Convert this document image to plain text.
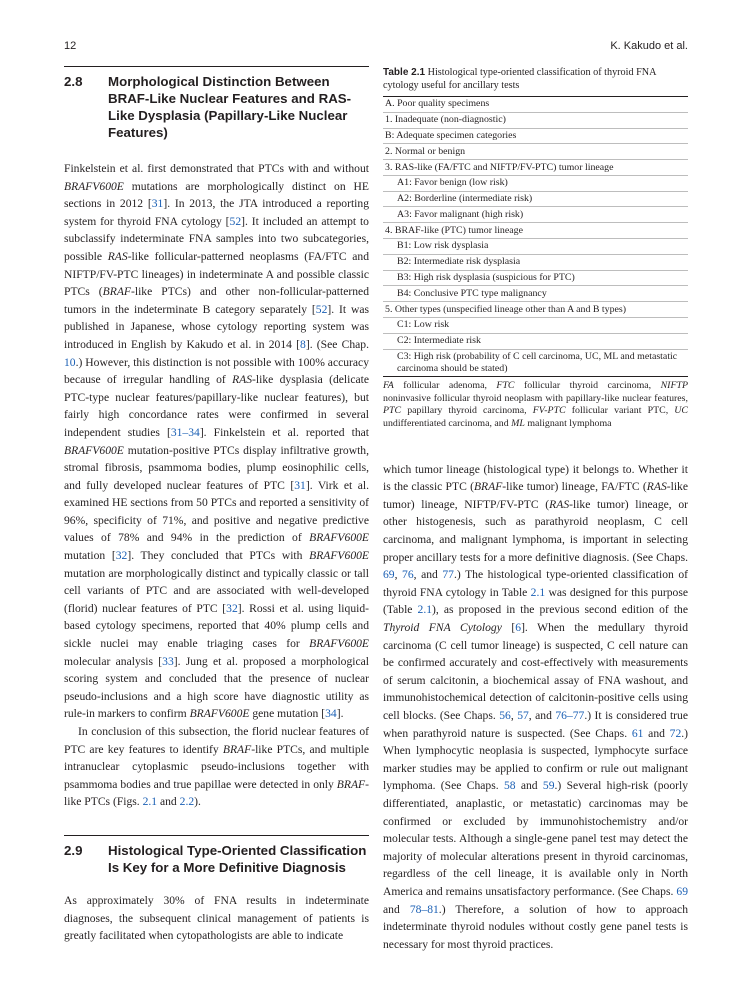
12	K. Kakudo et al.
2.8	Morphological Distinction Between BRAF-Like Nuclear Features and RAS-Like Dysplasia (Papillary-Like Nuclear Features)

Finkelstein et al. first demonstrated that PTCs with and without BRAFV600E mutations are morphologically distinct on HE sections in 2012 [31]. In 2013, the JTA introduced a reporting system for thyroid FNA cytology [52]. It included an attempt to subclassify indeterminate FNA samples into two subcategories, possible RAS-like follicular-patterned neoplasms (FA/FTC and NIFTP/FV-PTC lineages) in indeterminate A and possible classic PTCs (BRAF-like PTCs) and other non-follicular-patterned tumors in the indeterminate B category separately [52]. It was published in Japanese, whose cytology reporting system was introduced in English by Kakudo et al. in 2014 [8]. (See Chap. 10.) However, this distinction is not possible with 100% accuracy because of irregular handling of RAS-like dysplasia (delicate PTC-type nuclear features/papillary-like nuclear features), but fairly high concordance rates were confirmed in several independent studies [31–34]. Finkelstein et al. reported that BRAFV600E mutation-positive PTCs display infiltrative growth, stromal fibrosis, psammoma bodies, plump eosinophilic cells, and fully developed nuclear features of PTC [31]. Virk et al. examined HE sections from 50 PTCs and reported a sensitivity of 96%, specificity of 71%, and positive and negative predictive values of 78% and 94% in the prediction of BRAFV600E mutation [32]. They concluded that PTCs with BRAFV600E mutation are morphologically distinct and typically classic or tall cell variants of PTC and are associated with well-developed (florid) nuclear features of PTC [32]. Rossi et al. using liquid-based cytology specimens, reported that 40% plump cells and sickle nuclei may enable triaging cases for BRAFV600E molecular analysis [33]. Jung et al. proposed a morphological scoring system and concluded that the presence of nuclear pseudo-inclusions and a high score have diagnostic utility as rule-in markers to confirm BRAFV600E gene mutation [34].

In conclusion of this subsection, the florid nuclear features of PTC are key features to identify BRAF-like PTCs, and multiple intranuclear cytoplasmic pseudo-inclusions together with psammoma bodies and true papillae were detected in only BRAF-like PTCs (Figs. 2.1 and 2.2).

2.9	Histological Type-Oriented Classification Is Key for a More Definitive Diagnosis

As approximately 30% of FNA results in indeterminate diagnoses, the subsequent clinical management of patients is greatly facilitated when cytopathologists are able to indicate

Table 2.1 Histological type-oriented classification of thyroid FNA cytology useful for ancillary tests
A. Poor quality specimens
1. Inadequate (non-diagnostic)
B: Adequate specimen categories
2. Normal or benign
3. RAS-like (FA/FTC and NIFTP/FV-PTC) tumor lineage
A1: Favor benign (low risk)
A2: Borderline (intermediate risk)
A3: Favor malignant (high risk)
4. BRAF-like (PTC) tumor lineage
B1: Low risk dysplasia
B2: Intermediate risk dysplasia
B3: High risk dysplasia (suspicious for PTC)
B4: Conclusive PTC type malignancy
5. Other types (unspecified lineage other than A and B types)
C1: Low risk
C2: Intermediate risk
C3: High risk (probability of C cell carcinoma, UC, ML and metastatic carcinoma should be stated)
FA follicular adenoma, FTC follicular thyroid carcinoma, NIFTP noninvasive follicular thyroid neoplasm with papillary-like nuclear features, PTC papillary thyroid carcinoma, FV-PTC follicular variant PTC, UC undifferentiated carcinoma, and ML malignant lymphoma

which tumor lineage (histological type) it belongs to. Whether it is the classic PTC (BRAF-like tumor) lineage, FA/FTC (RAS-like tumor) lineage, NIFTP/FV-PTC (RAS-like tumor) lineage, or other histogenesis, such as parathyroid neoplasm, C cell carcinoma, and malignant lymphoma, is important in selecting proper ancillary tests for a more definitive diagnosis. (See Chaps. 69, 76, and 77.) The histological type-oriented classification of thyroid FNA cytology in Table 2.1 was designed for this purpose (Table 2.1), as proposed in the previous second edition of the Thyroid FNA Cytology [6]. When the medullary thyroid carcinoma (C cell tumor lineage) is suspected, C cell nature can be confirmed accurately and cost-effectively with measurements of serum calcitonin, a biochemical assay of FNA washout, and immunohistochemical detection of calcitonin-positive cells using cell blocks. (See Chaps. 56, 57, and 76–77.) It is considered true when parathyroid nature is suspected. (See Chaps. 61 and 72.) When lymphocytic neoplasia is suspected, lymphocyte surface marker studies may be applied to confirm or rule out malignant lymphoma. (See Chaps. 58 and 59.) Several high-risk (poorly differentiated, anaplastic, or metastatic) carcinomas may be confirmed or excluded by immunohistochemistry and/or molecular tests. Although a single-gene panel test may detect the majority of molecular alterations present in thyroid carcinomas, regardless of the cell lineage, it is available only in North America and remains unsatisfactory performance. (See Chaps. 69 and 78–81.) Therefore, a solution of how to approach indeterminate thyroid nodules without costly gene panel tests is necessary for most thyroid practices.
